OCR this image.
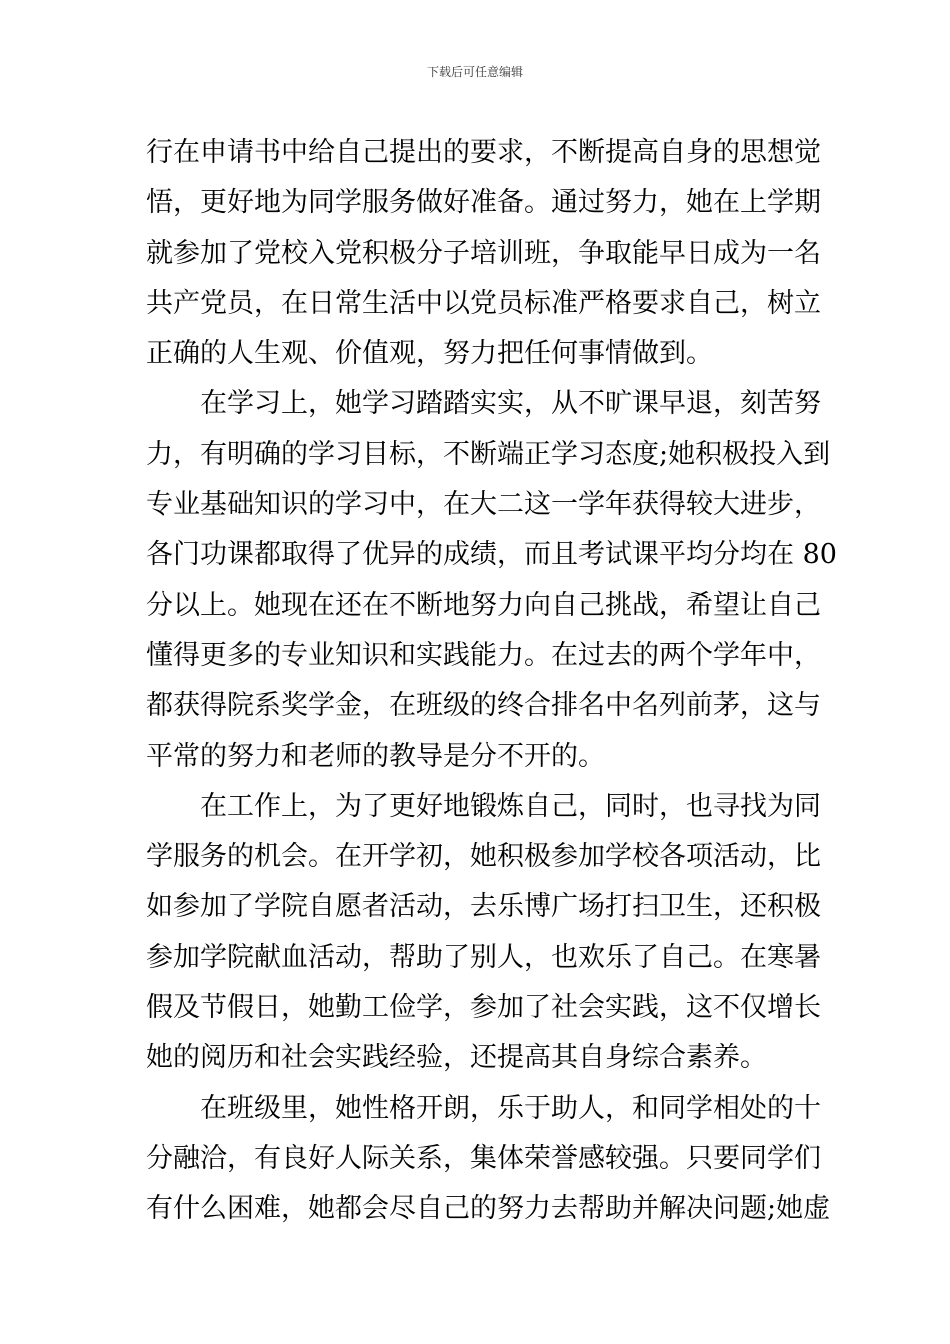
下载后可任意编辑
行在申请书中给自己提出的要求，不断提高自身的思想觉
悟，更好地为同学服务做好准备。通过努力，她在上学期
就参加了党校入党积极分子培训班，争取能早日成为一名
共产党员，在日常生活中以党员标准严格要求自己，树立
正确的人生观、价值观，努力把任何事情做到。
在学习上，她学习踏踏实实，从不旷课早退，刻苦努
力，有明确的学习目标，不断端正学习态度;她积极投入到
专业基础知识的学习中，在大二这一学年获得较大进步，
各门功课都取得了优异的成绩，而且考试课平均分均在 80
分以上。她现在还在不断地努力向自己挑战，希望让自己
懂得更多的专业知识和实践能力。在过去的两个学年中，
都获得院系奖学金，在班级的终合排名中名列前茅，这与
平常的努力和老师的教导是分不开的。
在工作上，为了更好地锻炼自己，同时，也寻找为同
学服务的机会。在开学初，她积极参加学校各项活动，比
如参加了学院自愿者活动，去乐博广场打扫卫生，还积极
参加学院献血活动，帮助了别人，也欢乐了自己。在寒暑
假及节假日，她勤工俭学，参加了社会实践，这不仅增长
她的阅历和社会实践经验，还提高其自身综合素养。
在班级里，她性格开朗，乐于助人，和同学相处的十
分融洽，有良好人际关系，集体荣誉感较强。只要同学们
有什么困难，她都会尽自己的努力去帮助并解决问题;她虚
